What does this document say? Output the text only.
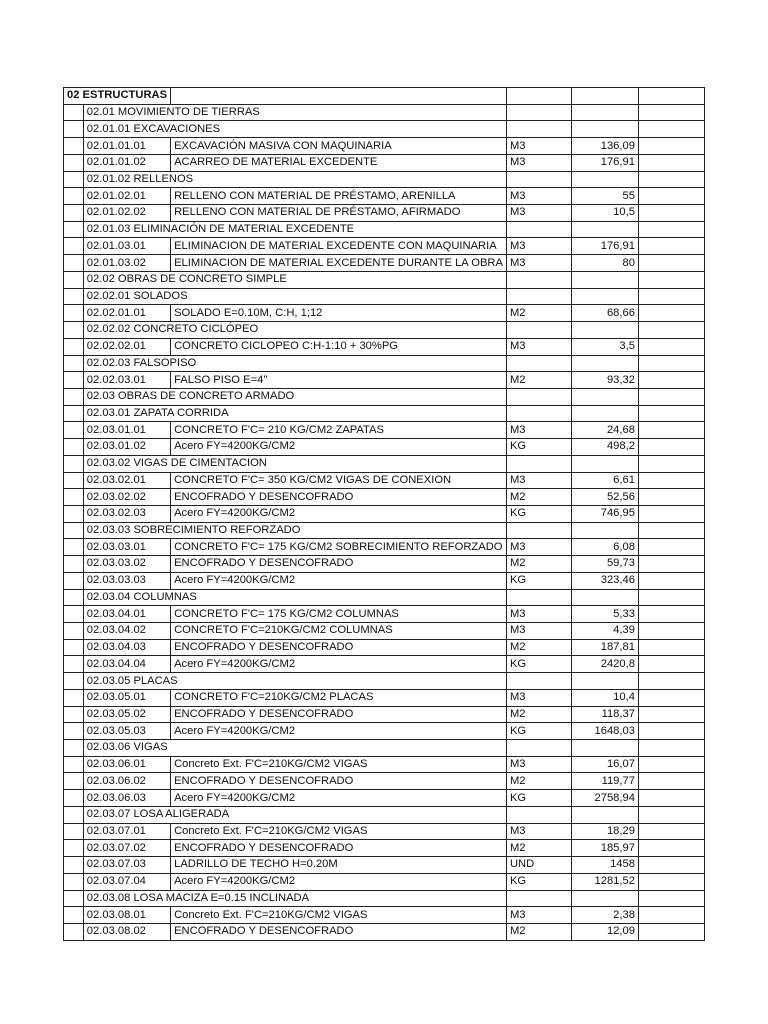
02 ESTRUCTURAS					
	02.01 MOVIMIENTO DE TIERRAS				
	02.01.01 EXCAVACIONES				
	02.01.01.01	EXCAVACIÓN MASIVA CON MAQUINARIA	M3	136,09	
	02.01.01.02	ACARREO DE MATERIAL EXCEDENTE	M3	176,91	
	02.01.02 RELLENOS				
	02.01.02.01	RELLENO CON MATERIAL DE PRÉSTAMO, ARENILLA	M3	55	
	02.01.02.02	RELLENO CON MATERIAL DE PRÉSTAMO, AFIRMADO	M3	10,5	
	02.01.03 ELIMINACIÓN DE MATERIAL EXCEDENTE				
	02.01.03.01	ELIMINACION DE MATERIAL EXCEDENTE CON MAQUINARIA	M3	176,91	
	02.01.03.02	ELIMINACION DE MATERIAL EXCEDENTE DURANTE LA OBRA	M3	80	
	02.02 OBRAS DE CONCRETO SIMPLE				
	02.02.01 SOLADOS				
	02.02.01.01	SOLADO E=0.10M, C:H, 1;12	M2	68,66	
	02.02.02 CONCRETO CICLÓPEO				
	02.02.02.01	CONCRETO CICLOPEO C:H-1:10 + 30%PG	M3	3,5	
	02.02.03 FALSOPISO				
	02.02.03.01	FALSO PISO E=4''	M2	93,32	
	02.03 OBRAS DE CONCRETO ARMADO				
	02.03.01 ZAPATA CORRIDA				
	02.03.01.01	CONCRETO F'C= 210 KG/CM2 ZAPATAS	M3	24,68	
	02.03.01.02	Acero FY=4200KG/CM2	KG	498,2	
	02.03.02 VIGAS DE CIMENTACION				
	02.03.02.01	CONCRETO F'C= 350 KG/CM2 VIGAS DE CONEXION	M3	6,61	
	02.03.02.02	ENCOFRADO Y DESENCOFRADO	M2	52,56	
	02.03.02.03	Acero FY=4200KG/CM2	KG	746,95	
	02.03.03 SOBRECIMIENTO REFORZADO				
	02.03.03.01	CONCRETO F'C= 175 KG/CM2 SOBRECIMIENTO REFORZADO	M3	6,08	
	02.03.03.02	ENCOFRADO Y DESENCOFRADO	M2	59,73	
	02.03.03.03	Acero FY=4200KG/CM2	KG	323,46	
	02.03.04 COLUMNAS				
	02.03.04.01	CONCRETO F'C= 175 KG/CM2 COLUMNAS	M3	5,33	
	02.03.04.02	CONCRETO F'C=210KG/CM2 COLUMNAS	M3	4,39	
	02.03.04.03	ENCOFRADO Y DESENCOFRADO	M2	187,81	
	02.03.04.04	Acero FY=4200KG/CM2	KG	2420,8	
	02.03.05 PLACAS				
	02.03.05.01	CONCRETO F'C=210KG/CM2 PLACAS	M3	10,4	
	02.03.05.02	ENCOFRADO Y DESENCOFRADO	M2	118,37	
	02.03.05.03	Acero FY=4200KG/CM2	KG	1648,03	
	02.03.06 VIGAS				
	02.03.06.01	Concreto Ext. F'C=210KG/CM2 VIGAS	M3	16,07	
	02.03.06.02	ENCOFRADO Y DESENCOFRADO	M2	119,77	
	02.03.06.03	Acero FY=4200KG/CM2	KG	2758,94	
	02.03.07 LOSA ALIGERADA				
	02.03.07.01	Concreto Ext. F'C=210KG/CM2 VIGAS	M3	18,29	
	02.03.07.02	ENCOFRADO Y DESENCOFRADO	M2	185,97	
	02.03.07.03	LADRILLO DE TECHO H=0.20M	UND	1458	
	02.03.07.04	Acero FY=4200KG/CM2	KG	1281,52	
	02.03.08 LOSA MACIZA E=0.15 INCLINADA				
	02.03.08.01	Concreto Ext. F'C=210KG/CM2 VIGAS	M3	2,38	
	02.03.08.02	ENCOFRADO Y DESENCOFRADO	M2	12,09	
